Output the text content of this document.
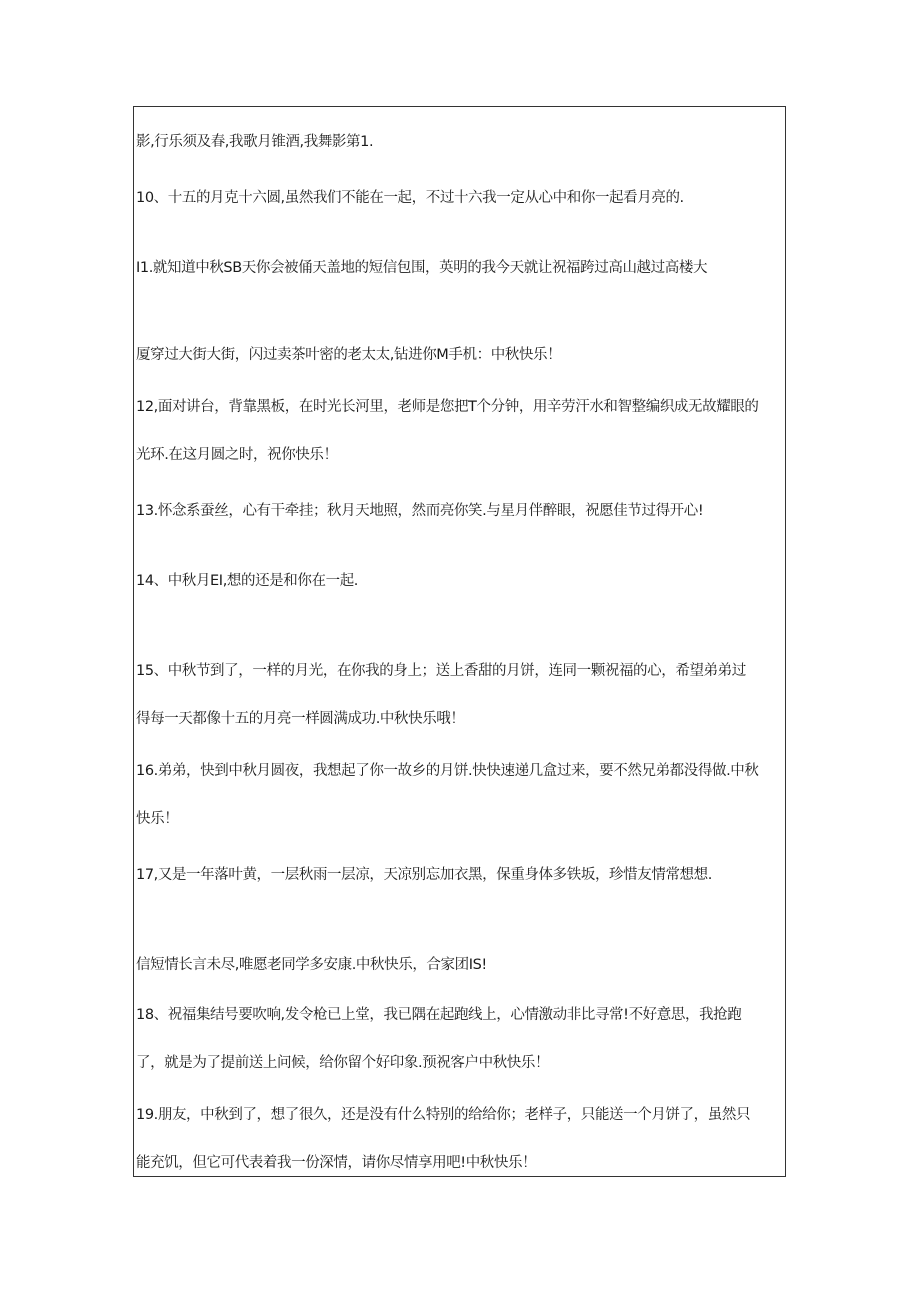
影,行乐须及春,我歌月锥酒,我舞影第1.
10、十五的月克十六圆,虽然我们不能在一起，不过十六我一定从心中和你一起看月亮的.
I1.就知道中秋SB天你会被俑天盖地的短信包围，英明的我今天就让祝福跨过高山越过高楼大
厦穿过大街大街，闪过卖茶叶密的老太太,钻进你M手机：中秋快乐！
12,面对讲台，背靠黑板，在时光长河里，老师是您把T个分钟，用辛劳汗水和智整编织成无故耀眼的
光环.在这月圆之时，祝你快乐！
13.怀念系蚕丝，心有干牵挂；秋月天地照，然而亮你笑.与星月伴醉眼，祝愿佳节过得开心!
14、中秋月EI,想的还是和你在一起.
15、中秋节到了，一样的月光，在你我的身上；送上香甜的月饼，连同一颗祝福的心，希望弟弟过
得每一天都像十五的月亮一样圆满成功.中秋快乐哦！
16.弟弟，快到中秋月圆夜，我想起了你一故乡的月饼.快快速递几盒过来，要不然兄弟都没得做.中秋
快乐！
17,又是一年落叶黄，一层秋雨一层凉，天凉别忘加衣黑，保重身体多铁坂，珍惜友情常想想.
信短情长言未尽,唯愿老同学多安康.中秋快乐，合家团IS!
18、祝福集结号要吹响,发令枪已上堂，我已隅在起跑线上，心情激动非比寻常!不好意思，我抢跑
了，就是为了提前送上问候，给你留个好印象.预祝客户中秋快乐！
19.朋友，中秋到了，想了很久，还是没有什么特别的给给你；老样子，只能送一个月饼了，虽然只
能充饥，但它可代表着我一份深情，请你尽情享用吧!中秋快乐！
